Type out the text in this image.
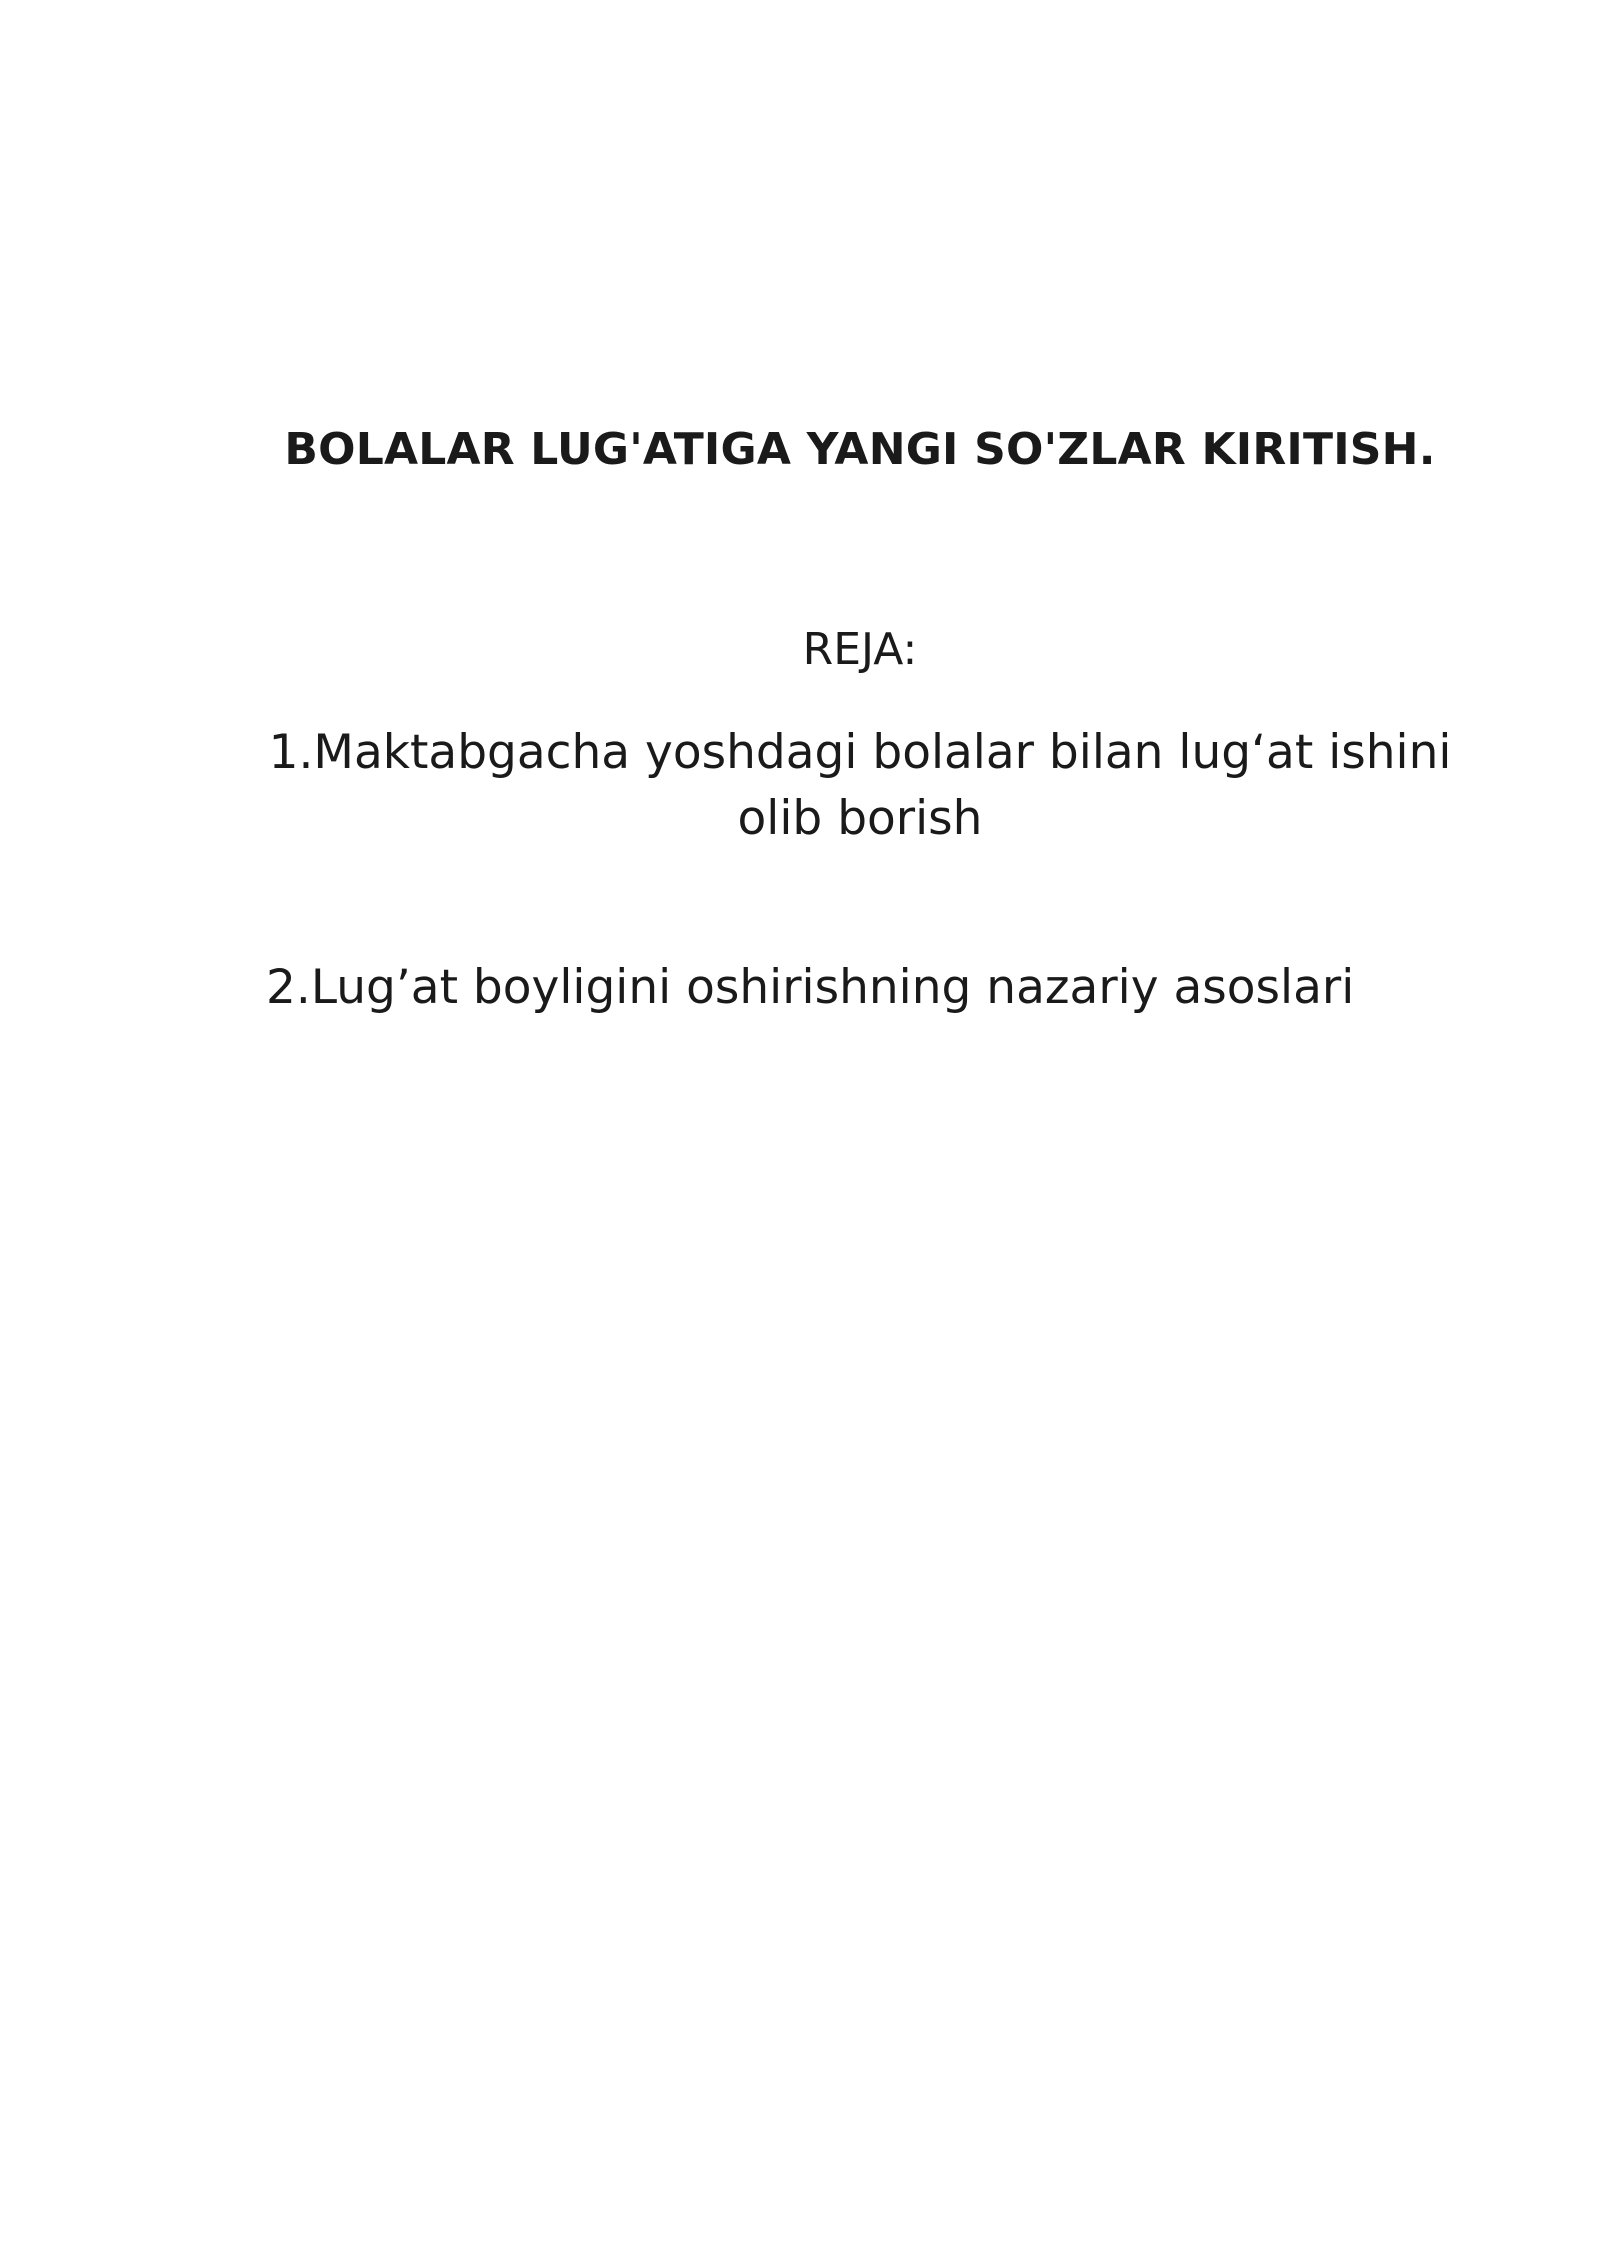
BOLALAR LUG'ATIGA YANGI SO'ZLAR KIRITISH.
REJA:
1.Maktabgacha yoshdagi bolalar bilan lug‘at ishini olib borish
2.Lug’at boyligini oshirishning nazariy asoslari
